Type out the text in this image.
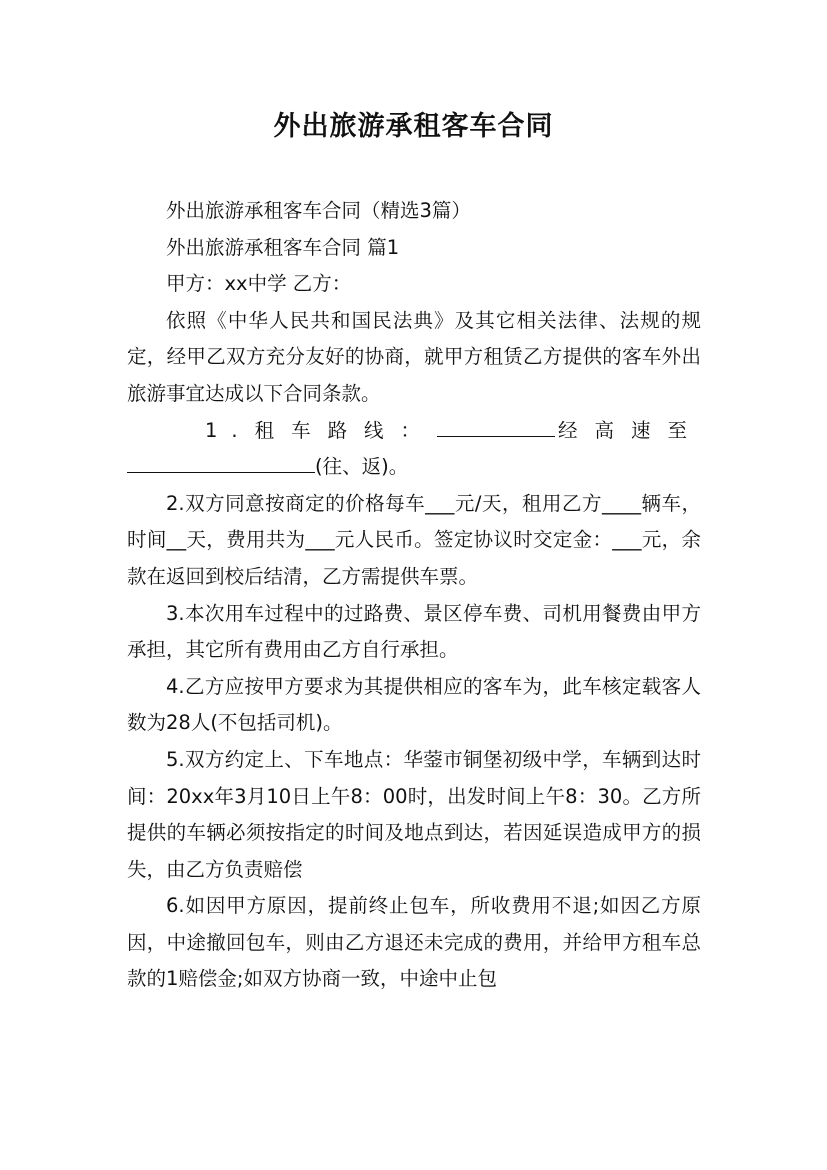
外出旅游承租客车合同

外出旅游承租客车合同（精选3篇）

外出旅游承租客车合同 篇1

甲方：xx中学 乙方：

依照《中华人民共和国民法典》及其它相关法律、法规的规定，经甲乙双方充分友好的协商，就甲方租赁乙方提供的客车外出旅游事宜达成以下合同条款。

1.租车路线：	经高速至

(往、返)。

2.双方同意按商定的价格每车___元/天，租用乙方____辆车，时间__天，费用共为___元人民币。签定协议时交定金：___元，余款在返回到校后结清，乙方需提供车票。

3.本次用车过程中的过路费、景区停车费、司机用餐费由甲方承担，其它所有费用由乙方自行承担。

4.乙方应按甲方要求为其提供相应的客车为，此车核定载客人数为28人(不包括司机)。

5.双方约定上、下车地点：华蓥市铜堡初级中学，车辆到达时间：20xx年3月10日上午8：00时，出发时间上午8：30。乙方所提供的车辆必须按指定的时间及地点到达，若因延误造成甲方的损失，由乙方负责赔偿

6.如因甲方原因，提前终止包车，所收费用不退;如因乙方原因，中途撤回包车，则由乙方退还未完成的费用，并给甲方租车总款的1赔偿金;如双方协商一致，中途中止包
